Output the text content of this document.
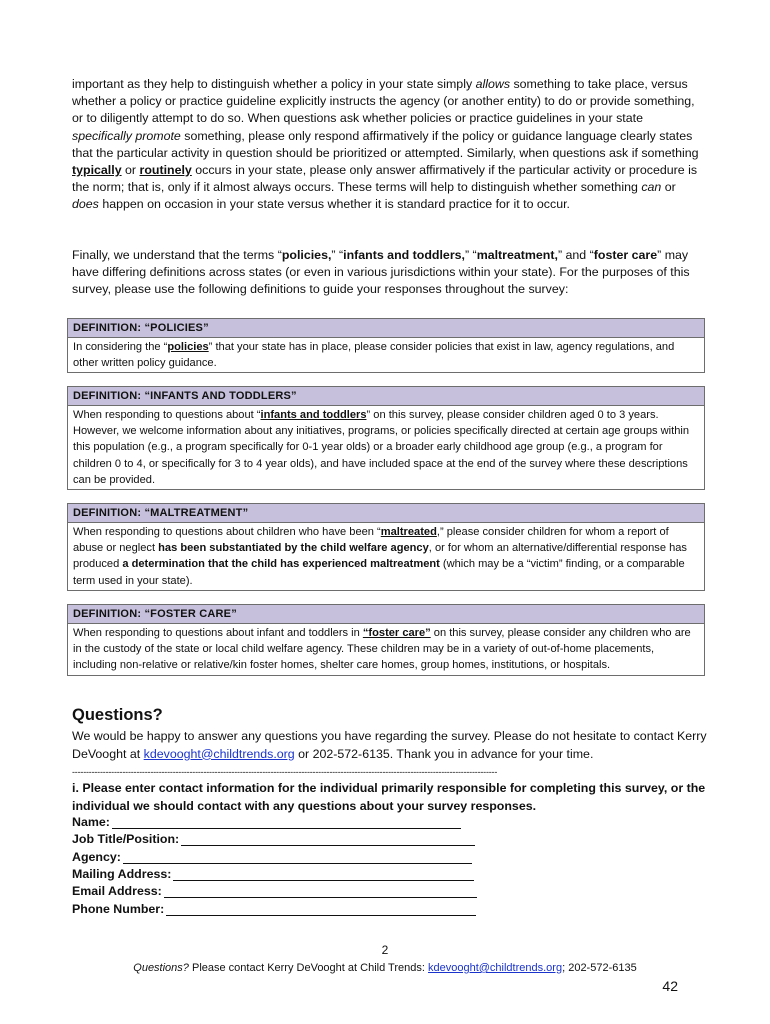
important as they help to distinguish whether a policy in your state simply allows something to take place, versus whether a policy or practice guideline explicitly instructs the agency (or another entity) to do or provide something, or to diligently attempt to do so. When questions ask whether policies or practice guidelines in your state specifically promote something, please only respond affirmatively if the policy or guidance language clearly states that the particular activity in question should be prioritized or attempted. Similarly, when questions ask if something typically or routinely occurs in your state, please only answer affirmatively if the particular activity or procedure is the norm; that is, only if it almost always occurs. These terms will help to distinguish whether something can or does happen on occasion in your state versus whether it is standard practice for it to occur.
Finally, we understand that the terms “policies,” “infants and toddlers,” “maltreatment,” and “foster care” may have differing definitions across states (or even in various jurisdictions within your state). For the purposes of this survey, please use the following definitions to guide your responses throughout the survey:
DEFINITION: “POLICIES”
In considering the “policies” that your state has in place, please consider policies that exist in law, agency regulations, and other written policy guidance.
DEFINITION: “INFANTS AND TODDLERS”
When responding to questions about “infants and toddlers” on this survey, please consider children aged 0 to 3 years. However, we welcome information about any initiatives, programs, or policies specifically directed at certain age groups within this population (e.g., a program specifically for 0-1 year olds) or a broader early childhood age group (e.g., a program for children 0 to 4, or specifically for 3 to 4 year olds), and have included space at the end of the survey where these descriptions can be provided.
DEFINITION: “MALTREATMENT”
When responding to questions about children who have been “maltreated,” please consider children for whom a report of abuse or neglect has been substantiated by the child welfare agency, or for whom an alternative/differential response has produced a determination that the child has experienced maltreatment (which may be a “victim” finding, or a comparable term used in your state).
DEFINITION: “FOSTER CARE”
When responding to questions about infant and toddlers in “foster care” on this survey, please consider any children who are in the custody of the state or local child welfare agency. These children may be in a variety of out-of-home placements, including non-relative or relative/kin foster homes, shelter care homes, group homes, institutions, or hospitals.
Questions?
We would be happy to answer any questions you have regarding the survey. Please do not hesitate to contact Kerry DeVooght at kdevooght@childtrends.org or 202-572-6135. Thank you in advance for your time.
--------------------------------------------------------------------------------------------------------------------------------------------------------
i. Please enter contact information for the individual primarily responsible for completing this survey, or the individual we should contact with any questions about your survey responses.
Name:
Job Title/Position:
Agency:
Mailing Address:
Email Address:
Phone Number:
2
Questions? Please contact Kerry DeVooght at Child Trends: kdevooght@childtrends.org; 202-572-6135
42
